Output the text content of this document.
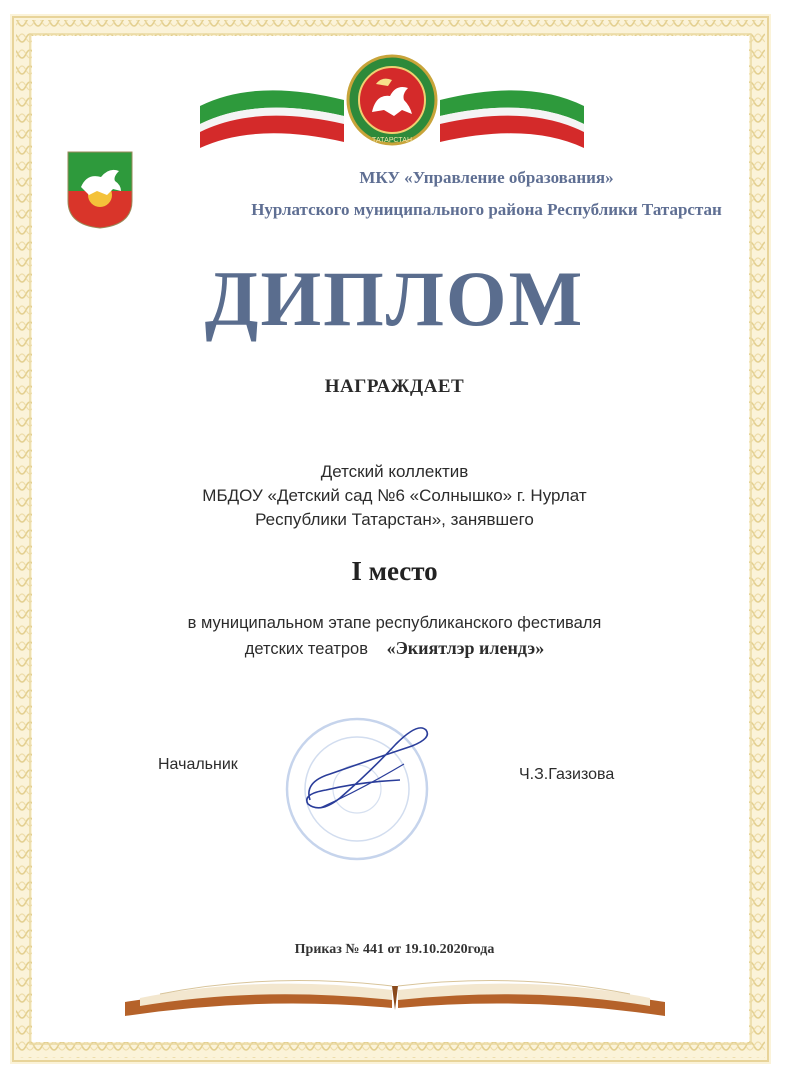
ТАТАРСТАН
МКУ «Управление образования»
Нурлатского муниципального района Республики Татарстан
ДИПЛОМ
НАГРАЖДАЕТ
Детский коллектив
МБДОУ «Детский сад №6 «Солнышко» г. Нурлат
Республики Татарстан», занявшего
I место
в муниципальном этапе республиканского фестиваля
детских театров «Экиятлэр илендэ»
Начальник
Ч.З.Газизова
Приказ № 441 от 19.10.2020года
